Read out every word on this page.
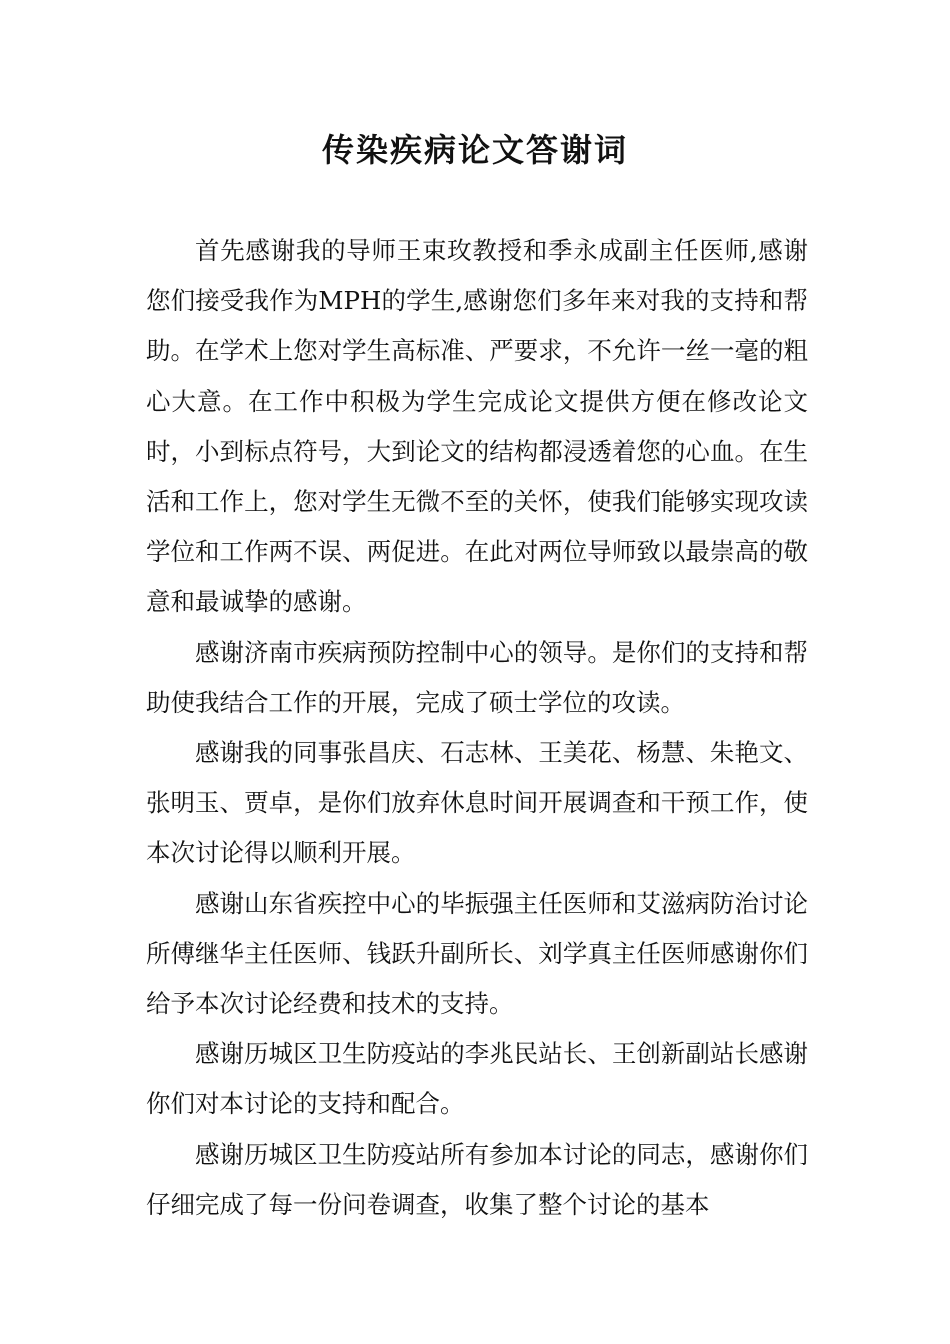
传染疾病论文答谢词

首先感谢我的导师王束玫教授和季永成副主任医师,感谢您们接受我作为MPH的学生,感谢您们多年来对我的支持和帮助。在学术上您对学生高标准、严要求，不允许一丝一毫的粗心大意。在工作中积极为学生完成论文提供方便在修改论文时，小到标点符号，大到论文的结构都浸透着您的心血。在生活和工作上，您对学生无微不至的关怀，使我们能够实现攻读学位和工作两不误、两促进。在此对两位导师致以最崇高的敬意和最诚挚的感谢。

感谢济南市疾病预防控制中心的领导。是你们的支持和帮助使我结合工作的开展，完成了硕士学位的攻读。

感谢我的同事张昌庆、石志林、王美花、杨慧、朱艳文、张明玉、贾卓，是你们放弃休息时间开展调查和干预工作，使本次讨论得以顺利开展。

感谢山东省疾控中心的毕振强主任医师和艾滋病防治讨论所傅继华主任医师、钱跃升副所长、刘学真主任医师感谢你们给予本次讨论经费和技术的支持。

感谢历城区卫生防疫站的李兆民站长、王创新副站长感谢你们对本讨论的支持和配合。

感谢历城区卫生防疫站所有参加本讨论的同志，感谢你们仔细完成了每一份问卷调查，收集了整个讨论的基本
